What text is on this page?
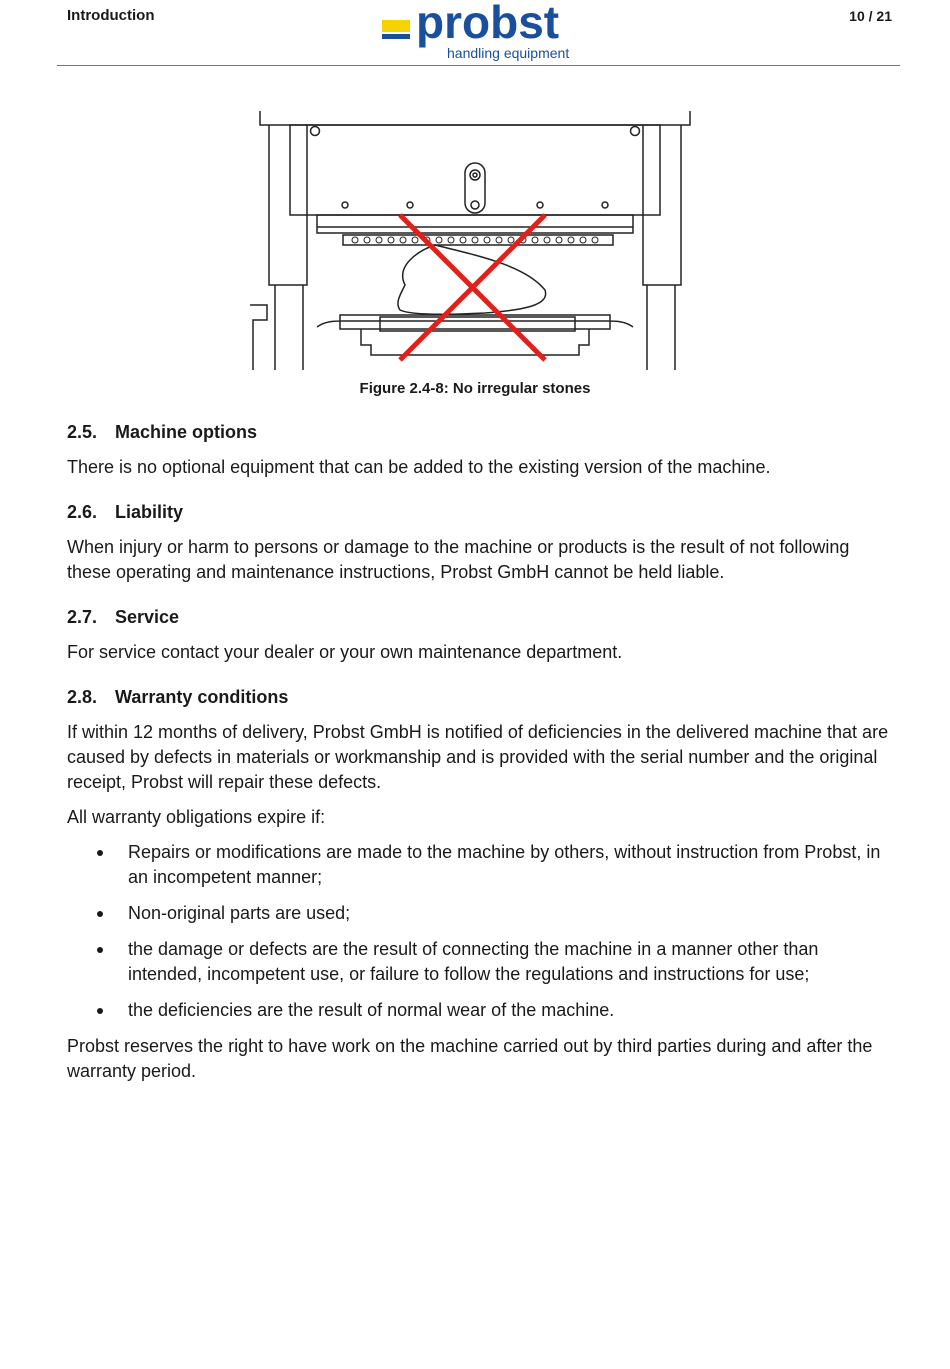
Introduction	probst
handling equipment
10 / 21
Figure 2.4-8: No irregular stones
2.5. Machine options
There is no optional equipment that can be added to the existing version of the machine.
2.6. Liability
When injury or harm to persons or damage to the machine or products is the result of not following these operating and maintenance instructions, Probst GmbH cannot be held liable.
2.7. Service
For service contact your dealer or your own maintenance department.
2.8. Warranty conditions
If within 12 months of delivery, Probst GmbH is notified of deficiencies in the delivered machine that are caused by defects in materials or workmanship and is provided with the serial number and the original receipt, Probst will repair these defects.
All warranty obligations expire if:
Repairs or modifications are made to the machine by others, without instruction from Probst, in an incompetent manner;
Non-original parts are used;
the damage or defects are the result of connecting the machine in a manner other than intended, incompetent use, or failure to follow the regulations and instructions for use;
the deficiencies are the result of normal wear of the machine.
Probst reserves the right to have work on the machine carried out by third parties during and after the warranty period.
